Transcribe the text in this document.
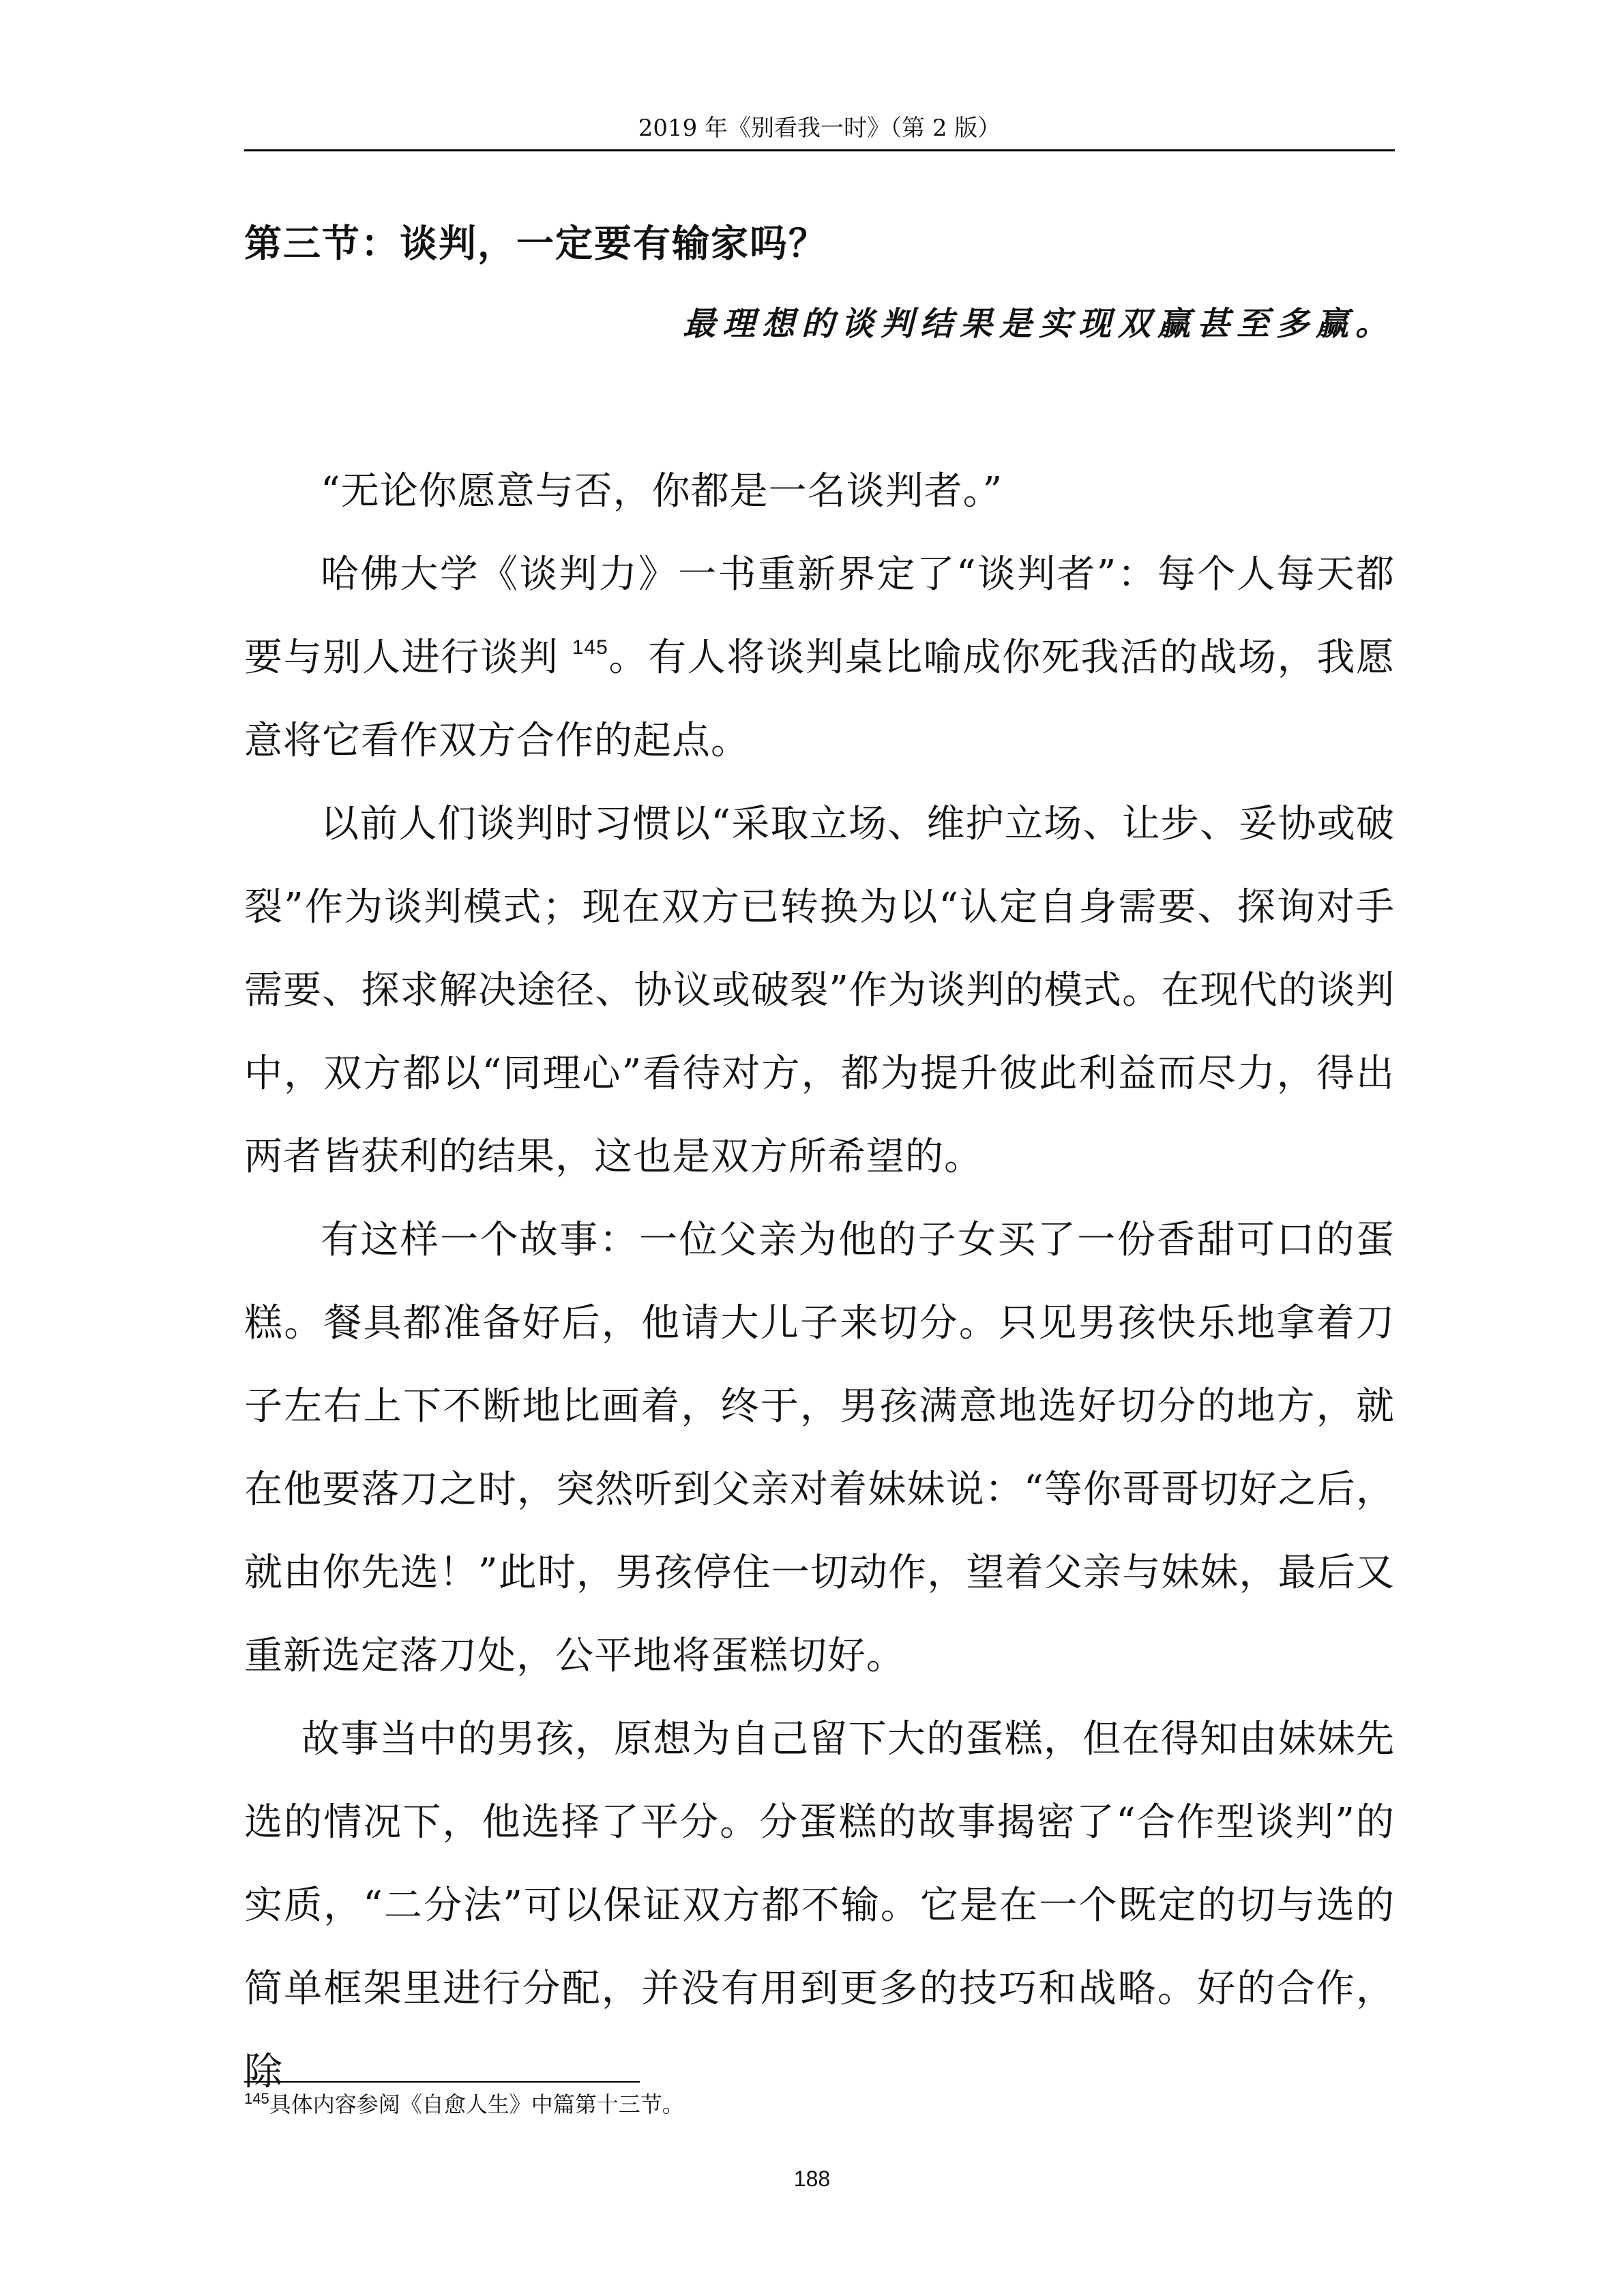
2019 年《别看我一时》（第 2 版）
第三节：谈判，一定要有输家吗？
最理想的谈判结果是实现双赢甚至多赢。

“无论你愿意与否，你都是一名谈判者。”

哈佛大学《谈判力》一书重新界定了“谈判者”：每个人每天都要与别人进行谈判 $^{145}$。有人将谈判桌比喻成你死我活的战场，我愿意将它看作双方合作的起点。

以前人们谈判时习惯以“采取立场、维护立场、让步、妥协或破裂”作为谈判模式；现在双方已转换为以“认定自身需要、探询对手需要、探求解决途径、协议或破裂”作为谈判的模式。在现代的谈判中，双方都以“同理心”看待对方，都为提升彼此利益而尽力，得出两者皆获利的结果，这也是双方所希望的。

有这样一个故事：一位父亲为他的子女买了一份香甜可口的蛋糕。餐具都准备好后，他请大儿子来切分。只见男孩快乐地拿着刀子左右上下不断地比画着，终于，男孩满意地选好切分的地方，就在他要落刀之时，突然听到父亲对着妹妹说：“等你哥哥切好之后，就由你先选！”此时，男孩停住一切动作，望着父亲与妹妹，最后又重新选定落刀处，公平地将蛋糕切好。

故事当中的男孩，原想为自己留下大的蛋糕，但在得知由妹妹先选的情况下，他选择了平分。分蛋糕的故事揭密了“合作型谈判”的实质，“二分法”可以保证双方都不输。它是在一个既定的切与选的简单框架里进行分配，并没有用到更多的技巧和战略。好的合作，除

$^{145}$具体内容参阅《自愈人生》中篇第十三节。
188
